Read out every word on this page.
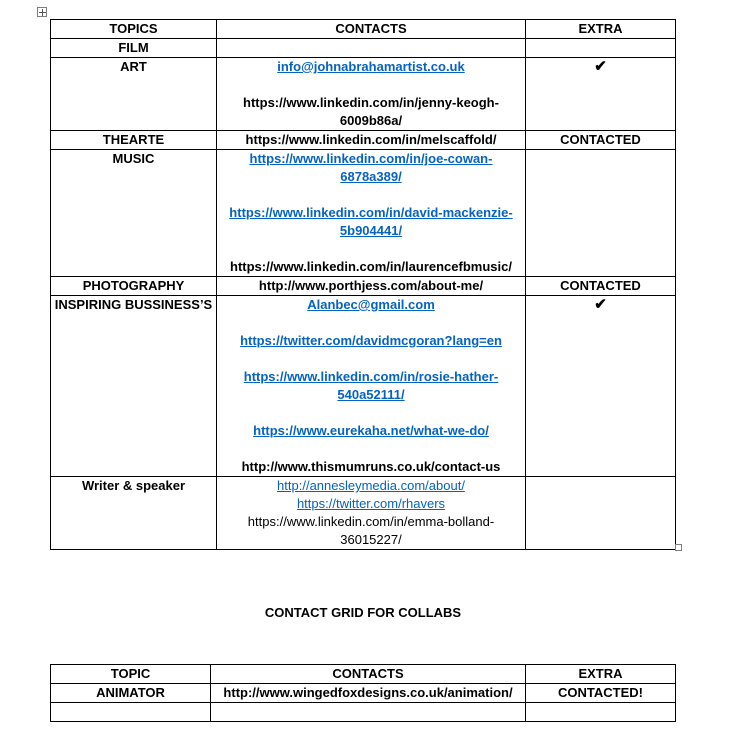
TOPICS	CONTACTS	EXTRA
FILM		
ART	info@johnabrahamartist.co.uk
https://www.linkedin.com/in/jenny-keogh-6009b86a/	✔
THEARTE	https://www.linkedin.com/in/melscaffold/	CONTACTED
MUSIC	https://www.linkedin.com/in/joe-cowan-6878a389/
https://www.linkedin.com/in/david-mackenzie-5b904441/
https://www.linkedin.com/in/laurencefbmusic/	

PHOTOGRAPHY	http://www.porthjess.com/about-me/	CONTACTED
INSPIRING BUSSINESS’S	Alanbec@gmail.com
https://twitter.com/davidmcgoran?lang=en
https://www.linkedin.com/in/rosie-hather-540a52111/
https://www.eurekaha.net/what-we-do/
http://www.thismumruns.co.uk/contact-us	✔
Writer & speaker	http://annesleymedia.com/about/
https://twitter.com/rhavers
https://www.linkedin.com/in/emma-bolland-36015227/	

CONTACT GRID FOR COLLABS
TOPIC	CONTACTS	EXTRA
ANIMATOR	http://www.wingedfoxdesigns.co.uk/animation/	CONTACTED!
